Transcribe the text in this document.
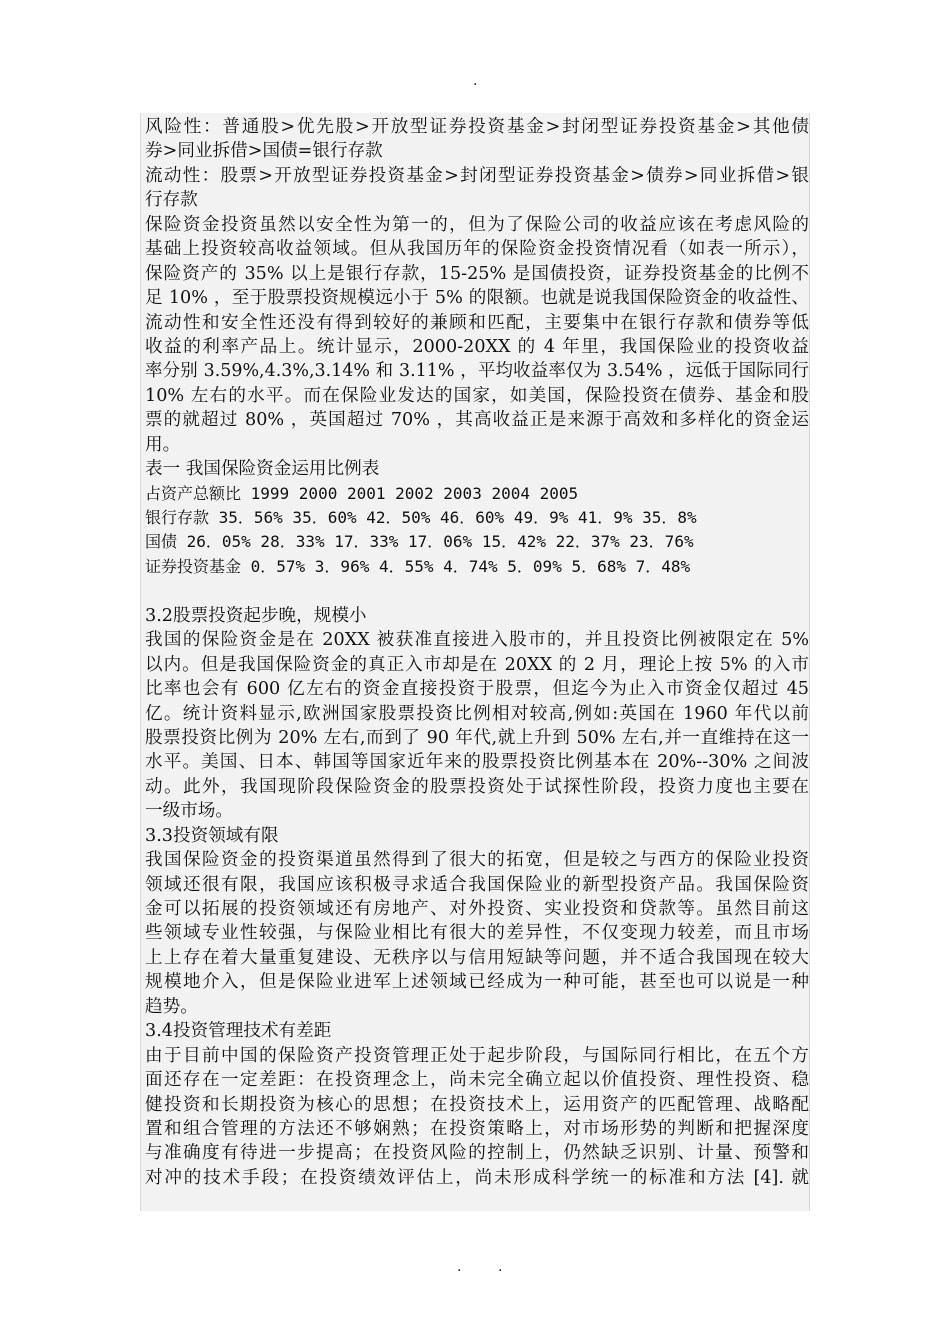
.
风险性：普通股>优先股>开放型证券投资基金>封闭型证券投资基金>其他债
券>同业拆借>国债=银行存款
流动性：股票>开放型证券投资基金>封闭型证券投资基金>债券>同业拆借>银
行存款
保险资金投资虽然以安全性为第一的，但为了保险公司的收益应该在考虑风险的
基础上投资较高收益领域。但从我国历年的保险资金投资情况看（如表一所示），
保险资产的 35% 以上是银行存款，15-25% 是国债投资，证券投资基金的比例不
足 10% ，至于股票投资规模远小于 5% 的限额。也就是说我国保险资金的收益性、
流动性和安全性还没有得到较好的兼顾和匹配，主要集中在银行存款和债券等低
收益的利率产品上。统计显示，2000-20XX 的 4 年里，我国保险业的投资收益
率分别 3.59%,4.3%,3.14% 和 3.11% ，平均收益率仅为 3.54% ，远低于国际同行
10% 左右的水平。而在保险业发达的国家，如美国，保险投资在债券、基金和股
票的就超过 80% ，英国超过 70% ，其高收益正是来源于高效和多样化的资金运
用。
表一 我国保险资金运用比例表
占资产总额比 1999 2000 2001 2002 2003 2004 2005
银行存款 35．56% 35．60% 42．50% 46．60% 49．9% 41．9% 35．8%
国债 26．05% 28．33% 17．33% 17．06% 15．42% 22．37% 23．76%
证券投资基金 0．57% 3．96% 4．55% 4．74% 5．09% 5．68% 7．48%
3.2股票投资起步晚，规模小
我国的保险资金是在 20XX 被获准直接进入股市的，并且投资比例被限定在 5%
以内。但是我国保险资金的真正入市却是在 20XX 的 2 月，理论上按 5% 的入市
比率也会有 600 亿左右的资金直接投资于股票，但迄今为止入市资金仅超过 45
亿。统计资料显示,欧洲国家股票投资比例相对较高,例如:英国在 1960 年代以前
股票投资比例为 20% 左右,而到了 90 年代,就上升到 50% 左右,并一直维持在这一
水平。美国、日本、韩国等国家近年来的股票投资比例基本在 20%--30% 之间波
动。此外，我国现阶段保险资金的股票投资处于试探性阶段，投资力度也主要在
一级市场。
3.3投资领域有限
我国保险资金的投资渠道虽然得到了很大的拓宽，但是较之与西方的保险业投资
领域还很有限，我国应该积极寻求适合我国保险业的新型投资产品。我国保险资
金可以拓展的投资领域还有房地产、对外投资、实业投资和贷款等。虽然目前这
些领域专业性较强，与保险业相比有很大的差异性，不仅变现力较差，而且市场
上上存在着大量重复建设、无秩序以与信用短缺等问题，并不适合我国现在较大
规模地介入，但是保险业进军上述领域已经成为一种可能，甚至也可以说是一种
趋势。
3.4投资管理技术有差距
由于目前中国的保险资产投资管理正处于起步阶段，与国际同行相比，在五个方
面还存在一定差距：在投资理念上，尚未完全确立起以价值投资、理性投资、稳
健投资和长期投资为核心的思想；在投资技术上，运用资产的匹配管理、战略配
置和组合管理的方法还不够娴熟；在投资策略上，对市场形势的判断和把握深度
与准确度有待进一步提高；在投资风险的控制上，仍然缺乏识别、计量、预警和
对冲的技术手段；在投资绩效评估上，尚未形成科学统一的标准和方法 [4]. 就
.	.
